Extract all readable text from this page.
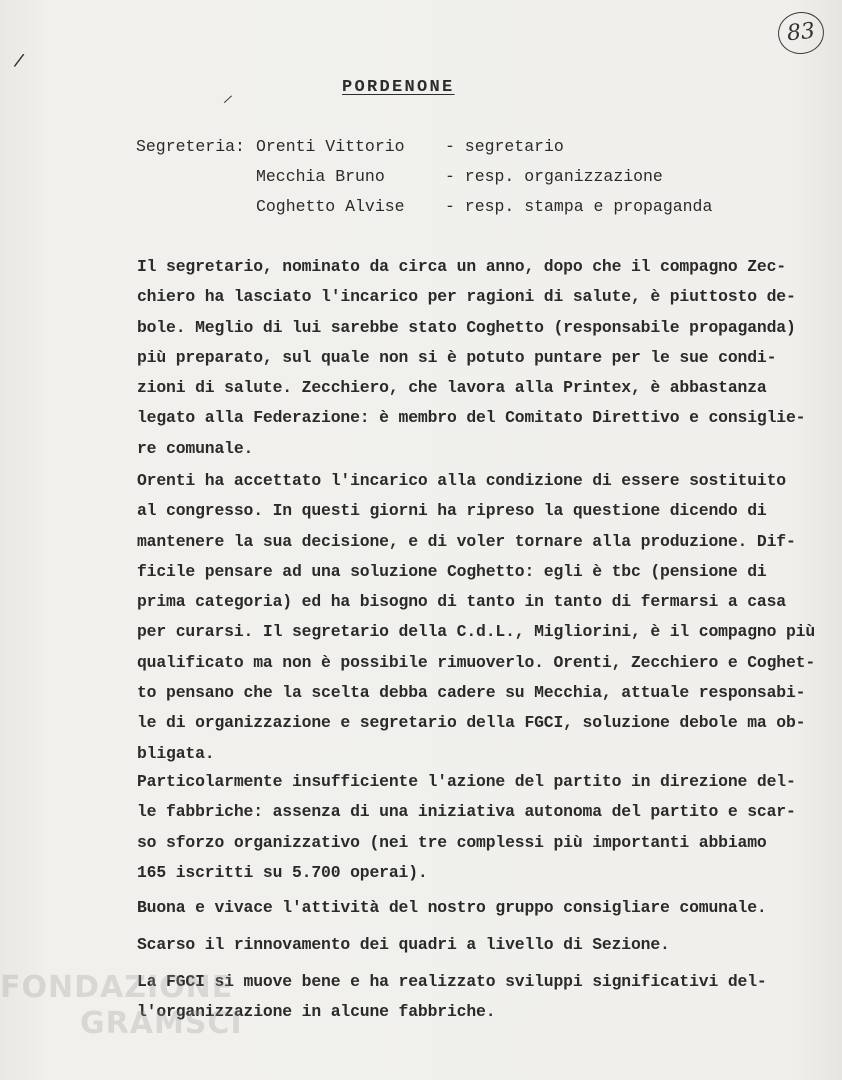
83
/
/
PORDENONE
Segreteria: Orenti Vittorio - segretario
Mecchia Bruno	- resp. organizzazione
Coghetto Alvise - resp. stampa e propaganda
Il segretario, nominato da circa un anno, dopo che il compagno Zec-
chiero ha lasciato l'incarico per ragioni di salute, è piuttosto de-
bole. Meglio di lui sarebbe stato Coghetto (responsabile propaganda)
più preparato, sul quale non si è potuto puntare per le sue condi-
zioni di salute. Zecchiero, che lavora alla Printex, è abbastanza
legato alla Federazione: è membro del Comitato Direttivo e consiglie-
re comunale.
Orenti ha accettato l'incarico alla condizione di essere sostituito
al congresso. In questi giorni ha ripreso la questione dicendo di
mantenere la sua decisione, e di voler tornare alla produzione. Dif-
ficile pensare ad una soluzione Coghetto: egli è tbc (pensione di
prima categoria) ed ha bisogno di tanto in tanto di fermarsi a casa
per curarsi. Il segretario della C.d.L., Migliorini, è il compagno più
qualificato ma non è possibile rimuoverlo. Orenti, Zecchiero e Coghet-
to pensano che la scelta debba cadere su Mecchia, attuale responsabi-
le di organizzazione e segretario della FGCI, soluzione debole ma ob-
bligata.
Particolarmente insufficiente l'azione del partito in direzione del-
le fabbriche: assenza di una iniziativa autonoma del partito e scar-
so sforzo organizzativo (nei tre complessi più importanti abbiamo
165 iscritti su 5.700 operai).
Buona e vivace l'attività del nostro gruppo consigliare comunale.
Scarso il rinnovamento dei quadri a livello di Sezione.
La FGCI si muove bene e ha realizzato sviluppi significativi del-
l'organizzazione in alcune fabbriche.
FONDAZIONE
GRAMSCI
